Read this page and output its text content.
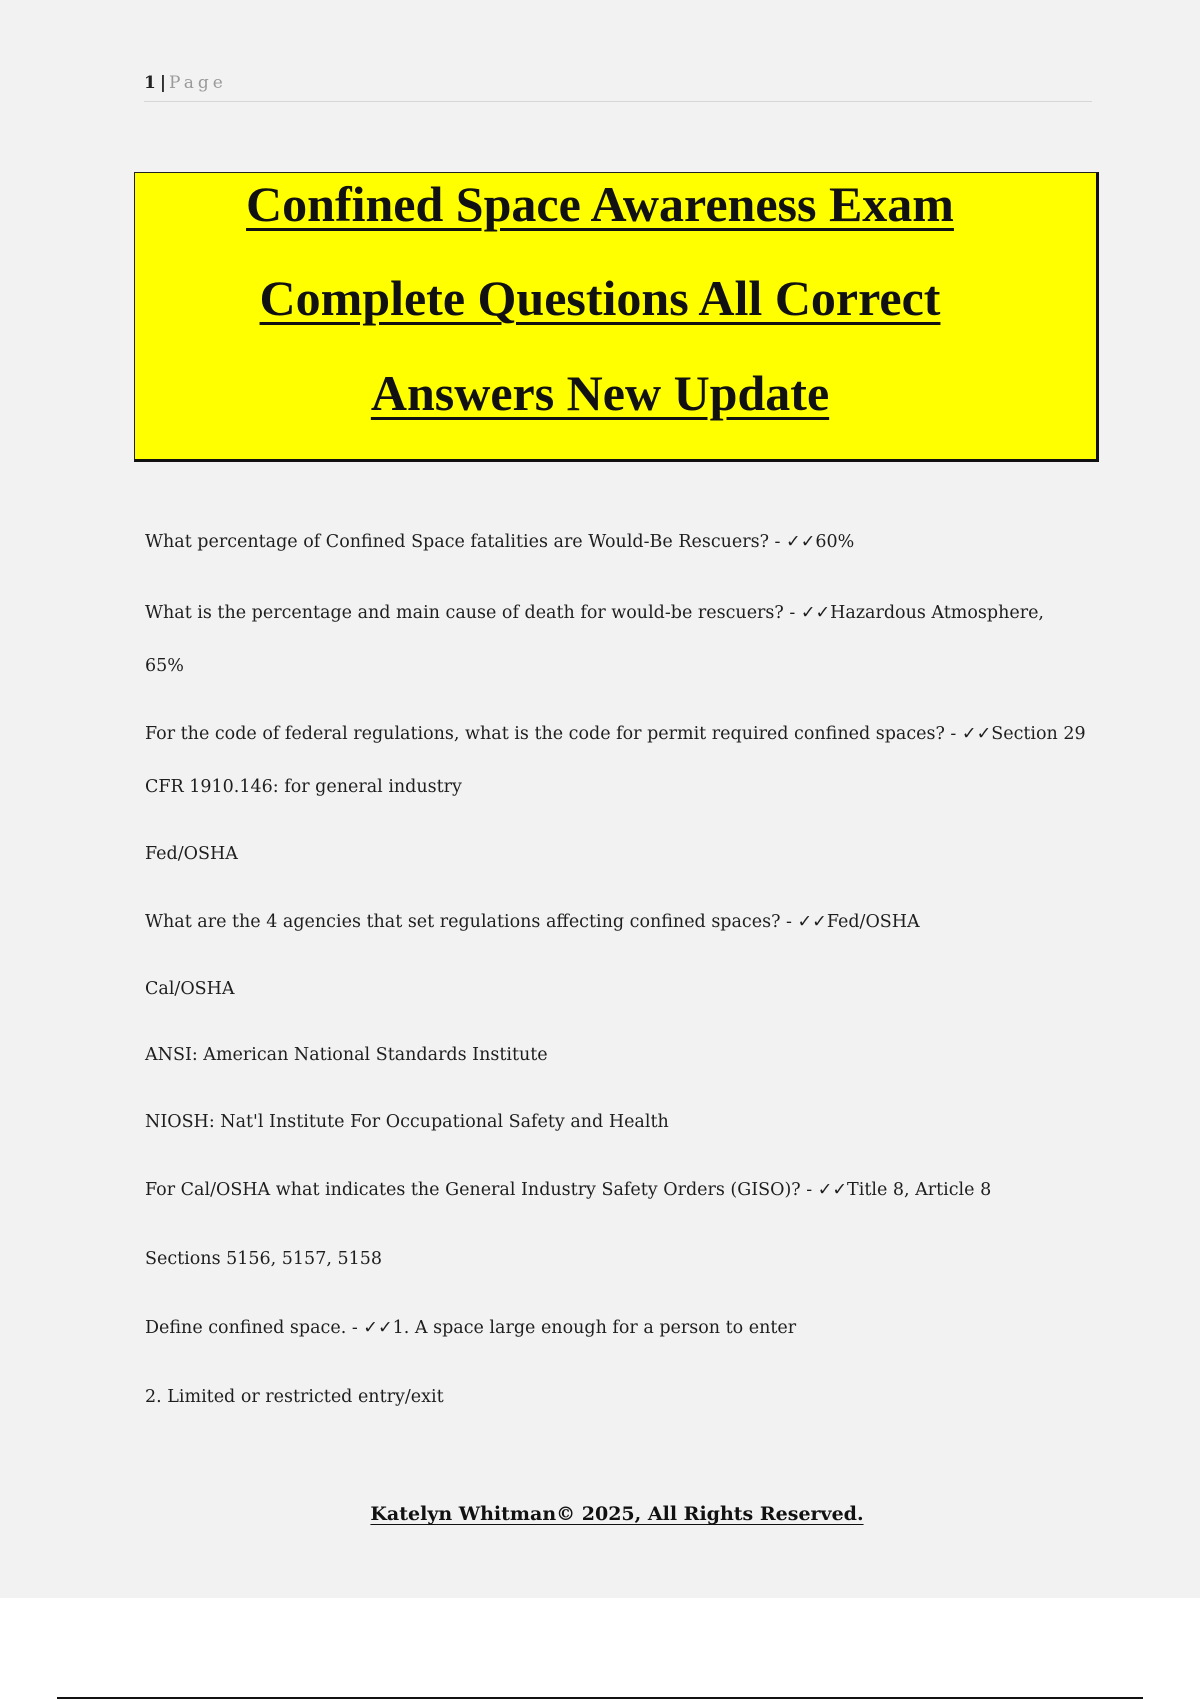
1 | Page
Confined Space Awareness Exam
Complete Questions All Correct
Answers New Update
What percentage of Confined Space fatalities are Would-Be Rescuers? - ✓✓60%
What is the percentage and main cause of death for would-be rescuers? - ✓✓Hazardous Atmosphere,
65%
For the code of federal regulations, what is the code for permit required confined spaces? - ✓✓Section 29
CFR 1910.146: for general industry
Fed/OSHA
What are the 4 agencies that set regulations affecting confined spaces? - ✓✓Fed/OSHA
Cal/OSHA
ANSI: American National Standards Institute
NIOSH: Nat'l Institute For Occupational Safety and Health
For Cal/OSHA what indicates the General Industry Safety Orders (GISO)? - ✓✓Title 8, Article 8
Sections 5156, 5157, 5158
Define confined space. - ✓✓1. A space large enough for a person to enter
2. Limited or restricted entry/exit
Katelyn Whitman© 2025, All Rights Reserved.
